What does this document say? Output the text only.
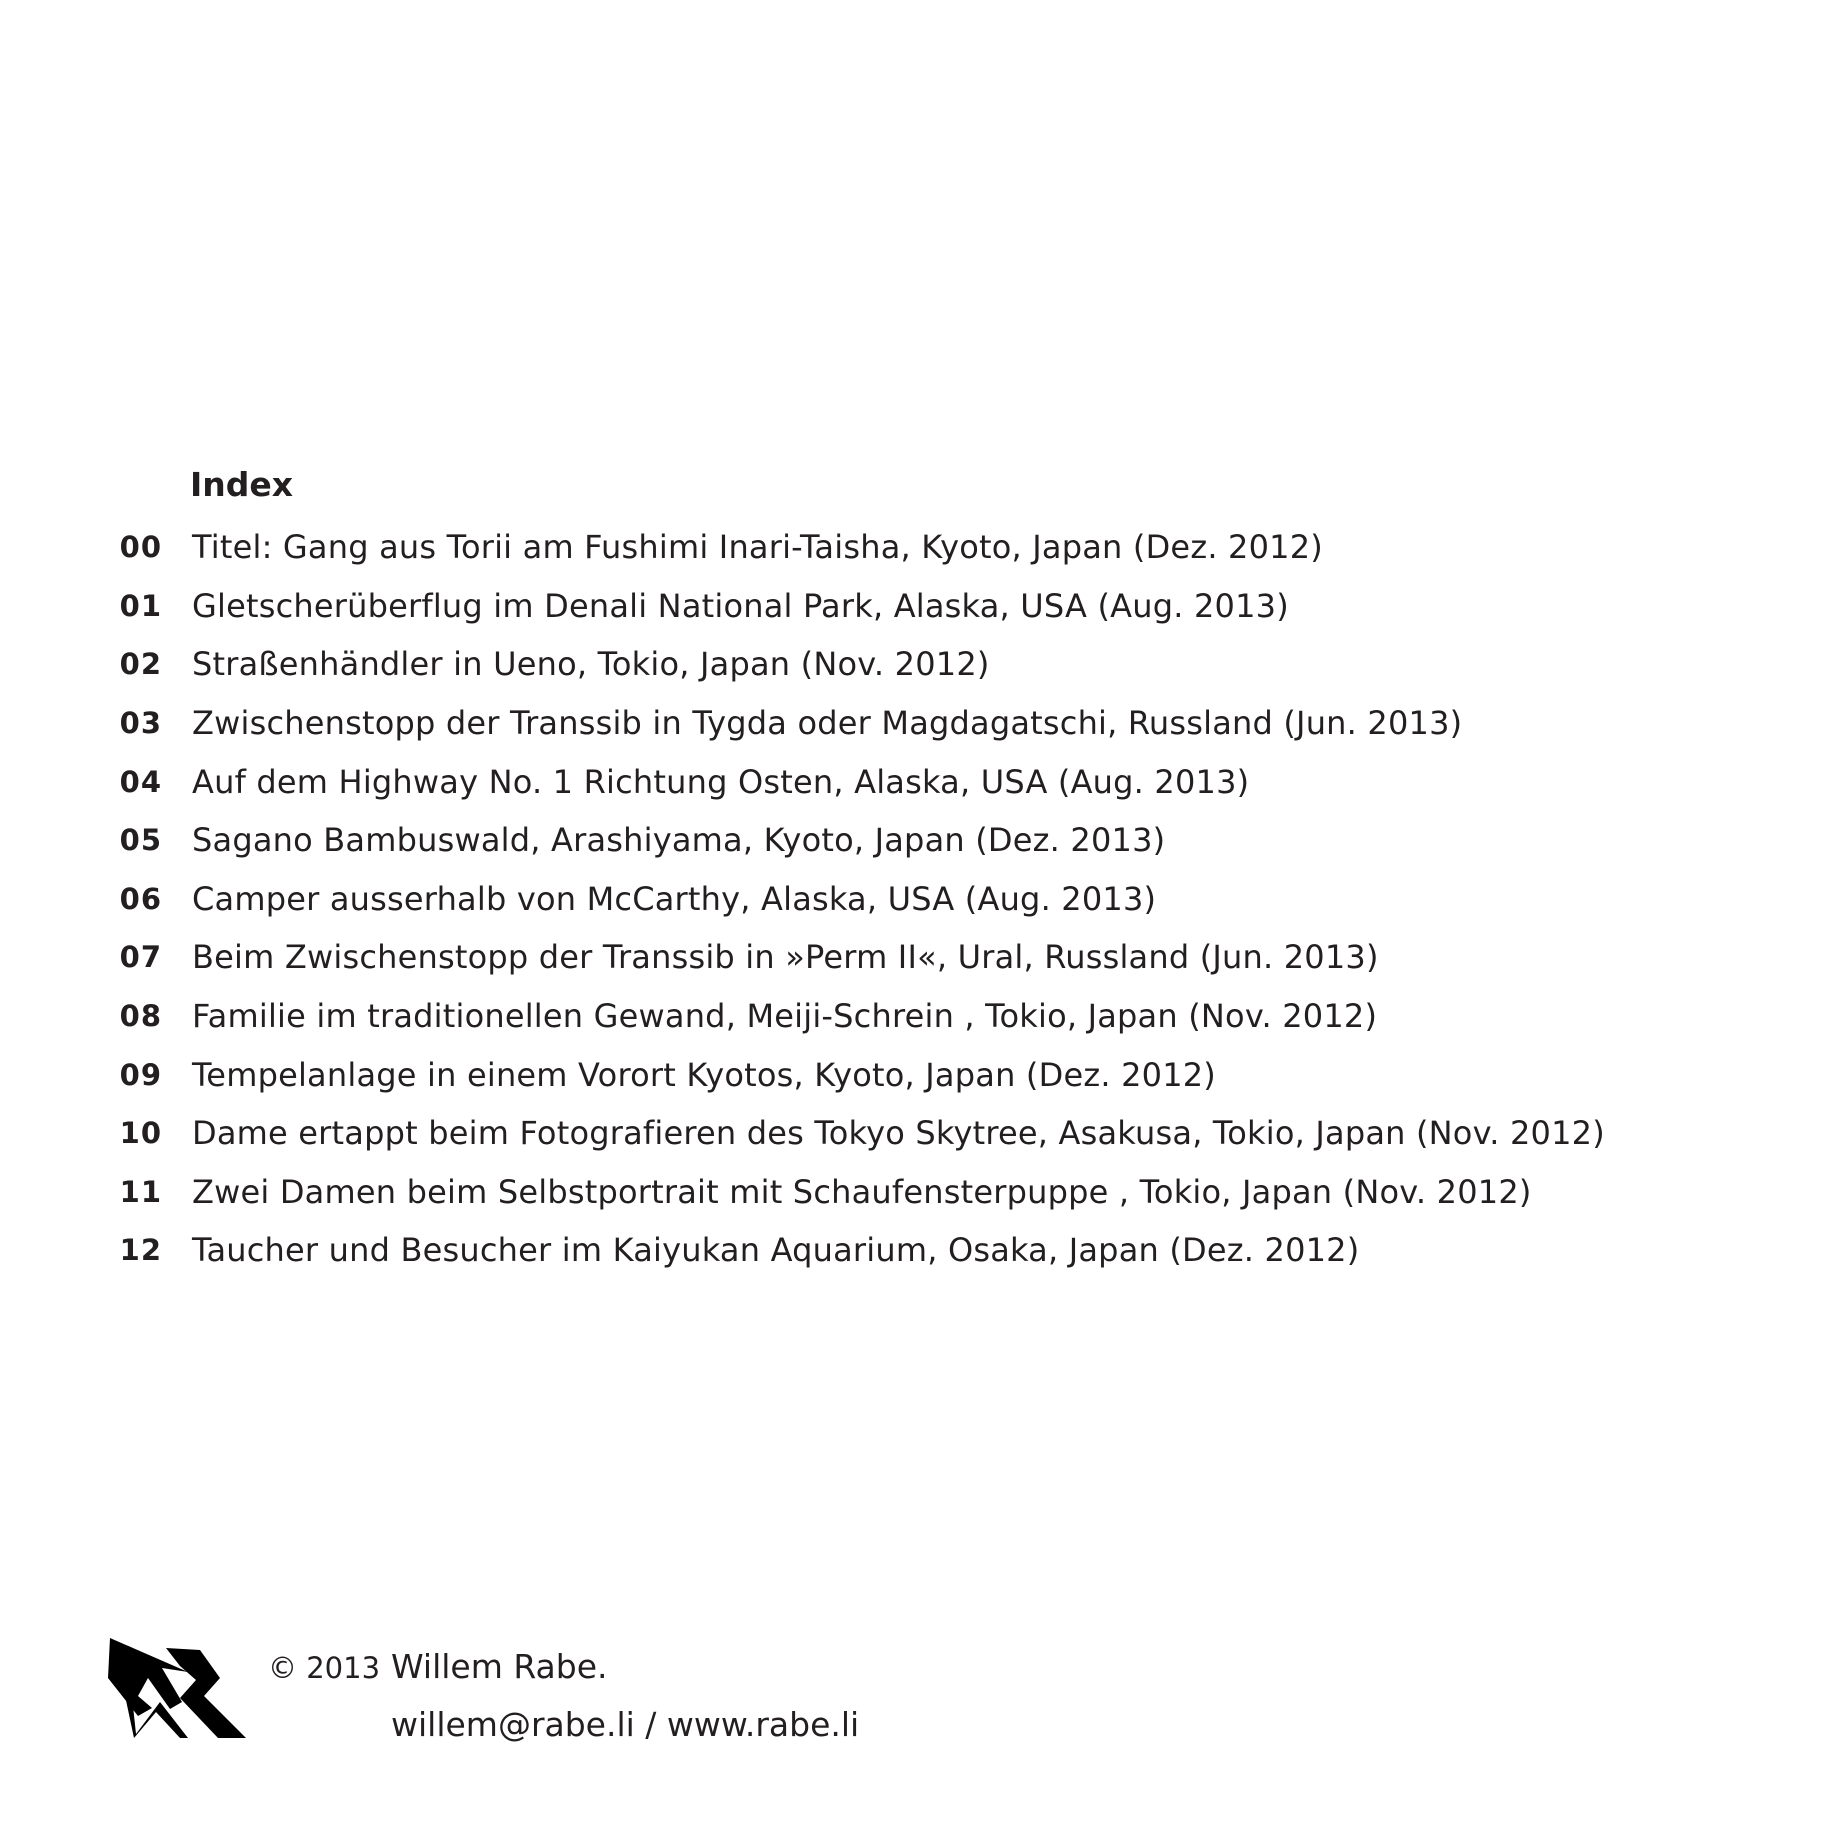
Index
00 Titel: Gang aus Torii am Fushimi Inari-Taisha, Kyoto, Japan (Dez. 2012)
01 Gletscherüberflug im Denali National Park, Alaska, USA (Aug. 2013)
02 Straßenhändler in Ueno, Tokio, Japan (Nov. 2012)
03 Zwischenstopp der Transsib in Tygda oder Magdagatschi, Russland (Jun. 2013)
04 Auf dem Highway No. 1 Richtung Osten, Alaska, USA (Aug. 2013)
05 Sagano Bambuswald, Arashiyama, Kyoto, Japan (Dez. 2013)
06 Camper ausserhalb von McCarthy, Alaska, USA (Aug. 2013)
07 Beim Zwischenstopp der Transsib in »Perm II«, Ural, Russland (Jun. 2013)
08 Familie im traditionellen Gewand, Meiji-Schrein , Tokio, Japan (Nov. 2012)
09 Tempelanlage in einem Vorort Kyotos, Kyoto, Japan (Dez. 2012)
10 Dame ertappt beim Fotografieren des Tokyo Skytree, Asakusa, Tokio, Japan (Nov. 2012)
11 Zwei Damen beim Selbstportrait mit Schaufensterpuppe , Tokio, Japan (Nov. 2012)
12 Taucher und Besucher im Kaiyukan Aquarium, Osaka, Japan (Dez. 2012)
© 2013 Willem Rabe.
willem@rabe.li / www.rabe.li
